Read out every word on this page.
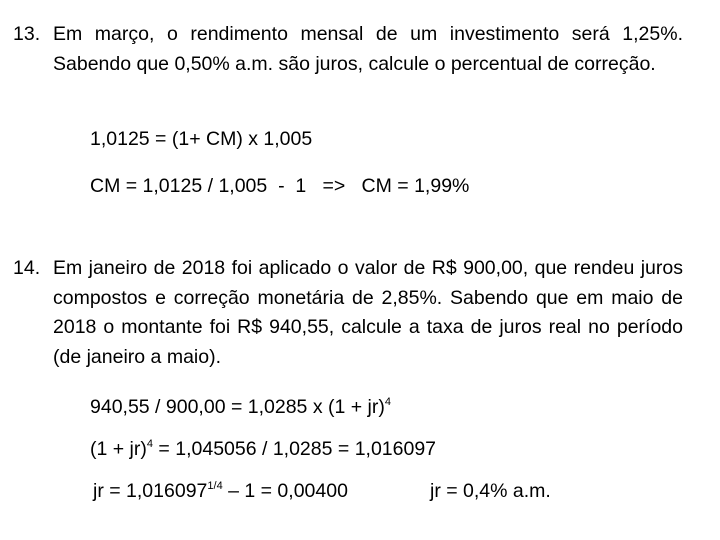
13. Em março, o rendimento mensal de um investimento será 1,25%. Sabendo que 0,50% a.m. são juros, calcule o percentual de correção.
1,0125 = (1+ CM) x 1,005
CM = 1,0125 / 1,005  -  1   =>   CM = 1,99%
14. Em janeiro de 2018 foi aplicado o valor de R$ 900,00, que rendeu juros compostos e correção monetária de 2,85%. Sabendo que em maio de 2018 o montante foi R$ 940,55, calcule a taxa de juros real no período (de janeiro a maio).
940,55 / 900,00 = 1,0285 x (1 + jr)$^4$
(1 + jr)$^4$ = 1,045056 / 1,0285 = 1,016097
jr = $1,016097^{1/4} - 1 = 0,00400$	jr = 0,4% a.m.
